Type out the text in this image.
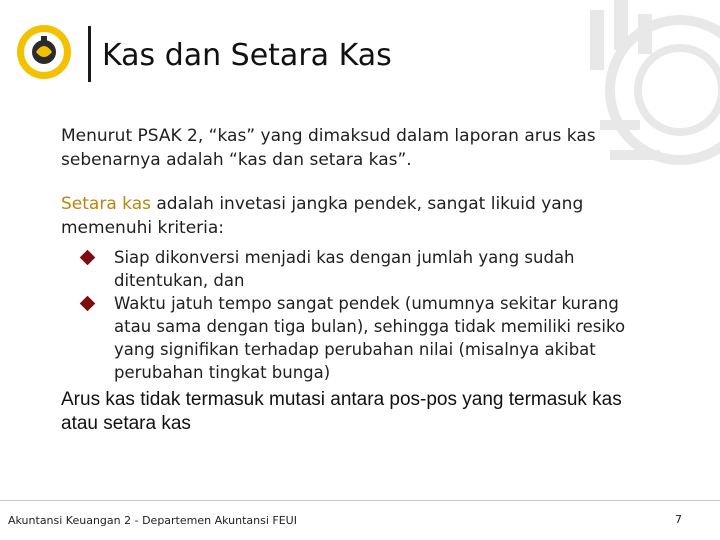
Kas dan Setara Kas

Menurut PSAK 2, “kas” yang dimaksud dalam laporan arus kas sebenarnya adalah “kas dan setara kas”.

Setara kas adalah invetasi jangka pendek, sangat likuid yang memenuhi kriteria:

Siap dikonversi menjadi kas dengan jumlah yang sudah ditentukan, dan
Waktu jatuh tempo sangat pendek (umumnya sekitar kurang atau sama dengan tiga bulan), sehingga tidak memiliki resiko yang signifikan terhadap perubahan nilai (misalnya akibat perubahan tingkat bunga)

Arus kas tidak termasuk mutasi antara pos-pos yang termasuk kas atau setara kas

Akuntansi Keuangan 2 - Departemen Akuntansi FEUI	7
